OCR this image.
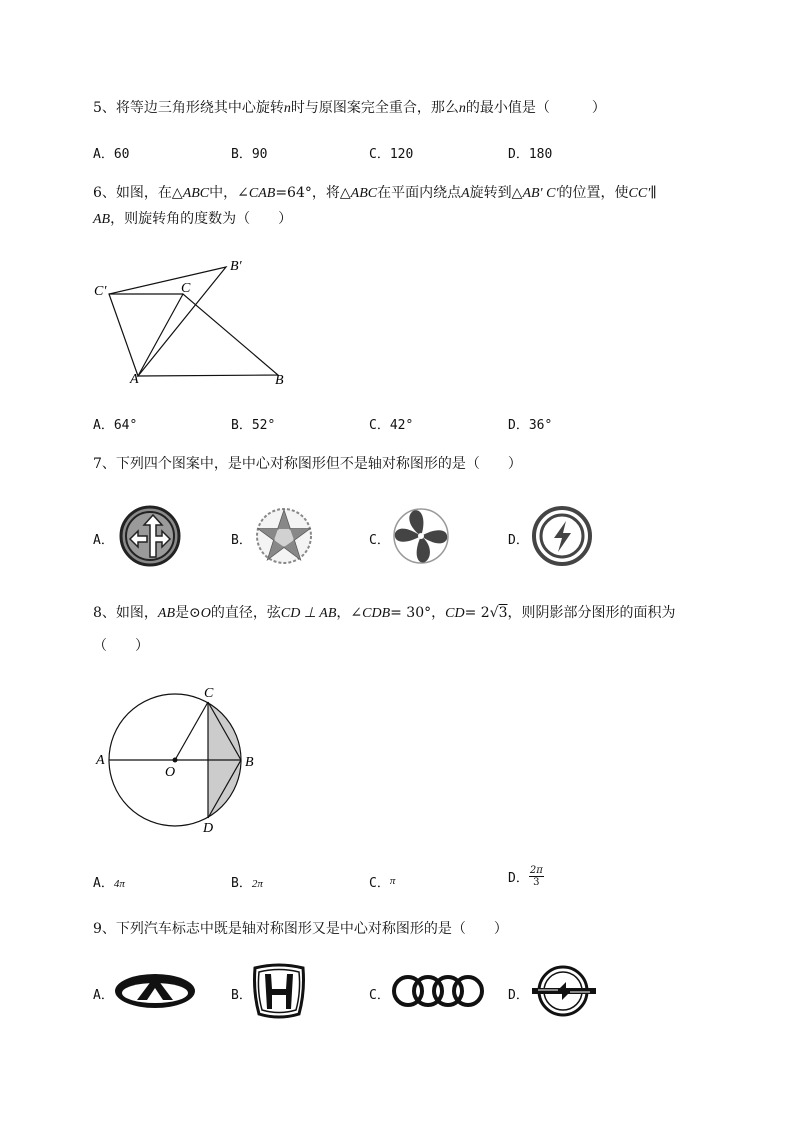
5、将等边三角形绕其中心旋转n时与原图案完全重合，那么n的最小值是（　　　）
A．60	B．90	C．120	D．180
6、如图，在△ABC中，∠CAB=64°，将△ABC在平面内绕点A旋转到△AB′ C′的位置，使CC′∥
AB，则旋转角的度数为（　　）
B′
C′	C
A	B
A．64°	B．52°	C．42°	D．36°
7、下列四个图案中，是中心对称图形但不是轴对称图形的是（　　）
A．	B．	C．	D．
8、如图，AB是⊙O的直径，弦CD ⊥ AB，∠CDB= 30°，CD= 2√3，则阴影部分图形的面积为
（　　）
C
A
O
B
D
A．4π	B．2π	C．$^\pi$	D． $\frac{2\pi}{3}$
9、下列汽车标志中既是轴对称图形又是中心对称图形的是（　　）
A．	B．	C．	D．
